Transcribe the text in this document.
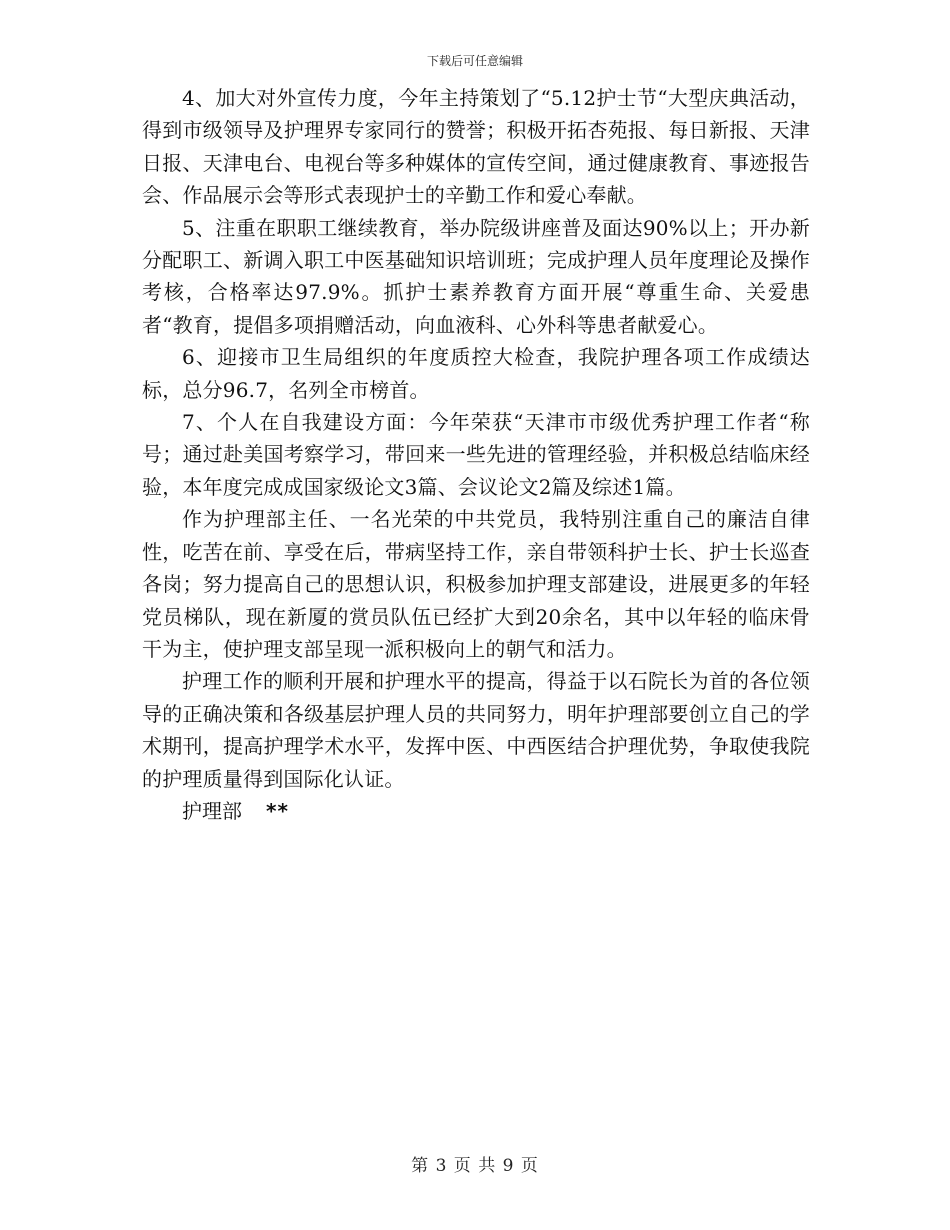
下载后可任意编辑

4、加大对外宣传力度，今年主持策划了“5.12护士节“大型庆典活动，得到市级领导及护理界专家同行的赞誉；积极开拓杏苑报、每日新报、天津日报、天津电台、电视台等多种媒体的宣传空间，通过健康教育、事迹报告会、作品展示会等形式表现护士的辛勤工作和爱心奉献。

5、注重在职职工继续教育，举办院级讲座普及面达90%以上；开办新分配职工、新调入职工中医基础知识培训班；完成护理人员年度理论及操作考核，合格率达97.9%。抓护士素养教育方面开展“尊重生命、关爱患者“教育，提倡多项捐赠活动，向血液科、心外科等患者献爱心。

6、迎接市卫生局组织的年度质控大检查，我院护理各项工作成绩达标，总分96.7，名列全市榜首。

7、个人在自我建设方面：今年荣获“天津市市级优秀护理工作者“称号；通过赴美国考察学习，带回来一些先进的管理经验，并积极总结临床经验，本年度完成成国家级论文3篇、会议论文2篇及综述1篇。

作为护理部主任、一名光荣的中共党员，我特别注重自己的廉洁自律性，吃苦在前、享受在后，带病坚持工作，亲自带领科护士长、护士长巡查各岗；努力提高自己的思想认识，积极参加护理支部建设，进展更多的年轻党员梯队，现在新厦的赏员队伍已经扩大到20余名，其中以年轻的临床骨干为主，使护理支部呈现一派积极向上的朝气和活力。

护理工作的顺利开展和护理水平的提高，得益于以石院长为首的各位领导的正确决策和各级基层护理人员的共同努力，明年护理部要创立自己的学术期刊，提高护理学术水平，发挥中医、中西医结合护理优势，争取使我院的护理质量得到国际化认证。

护理部 **

第 3 页 共 9 页
